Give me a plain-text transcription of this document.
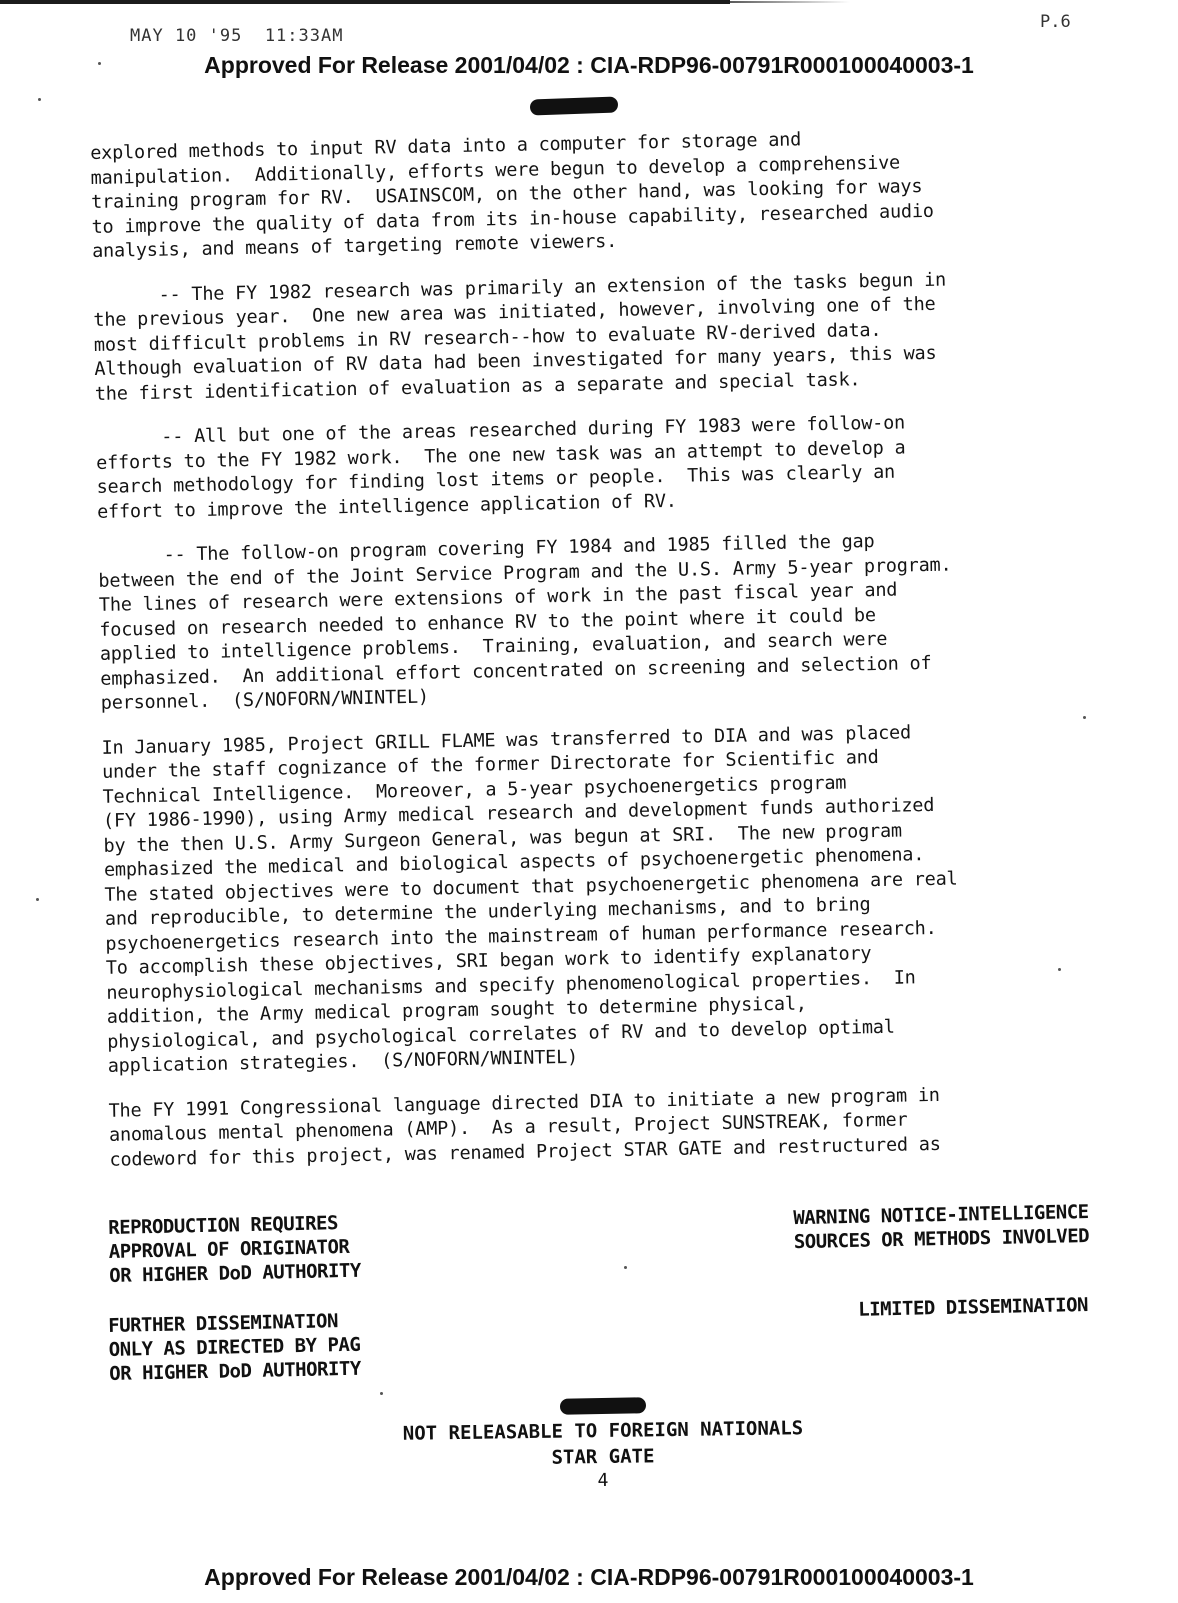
MAY 10 '95  11:33AM
P.6
Approved For Release 2001/04/02 : CIA-RDP96-00791R000100040003-1

explored methods to input RV data into a computer for storage and
manipulation.  Additionally, efforts were begun to develop a comprehensive
training program for RV.  USAINSCOM, on the other hand, was looking for ways
to improve the quality of data from its in-house capability, researched audio
analysis, and means of targeting remote viewers.

-- The FY 1982 research was primarily an extension of the tasks begun in
the previous year.  One new area was initiated, however, involving one of the
most difficult problems in RV research--how to evaluate RV-derived data.
Although evaluation of RV data had been investigated for many years, this was
the first identification of evaluation as a separate and special task.

-- All but one of the areas researched during FY 1983 were follow-on
efforts to the FY 1982 work.  The one new task was an attempt to develop a
search methodology for finding lost items or people.  This was clearly an
effort to improve the intelligence application of RV.

-- The follow-on program covering FY 1984 and 1985 filled the gap
between the end of the Joint Service Program and the U.S. Army 5-year program.
The lines of research were extensions of work in the past fiscal year and
focused on research needed to enhance RV to the point where it could be
applied to intelligence problems.  Training, evaluation, and search were
emphasized.  An additional effort concentrated on screening and selection of
personnel.  (S/NOFORN/WNINTEL)

In January 1985, Project GRILL FLAME was transferred to DIA and was placed
under the staff cognizance of the former Directorate for Scientific and
Technical Intelligence.  Moreover, a 5-year psychoenergetics program
(FY 1986-1990), using Army medical research and development funds authorized
by the then U.S. Army Surgeon General, was begun at SRI.  The new program
emphasized the medical and biological aspects of psychoenergetic phenomena.
The stated objectives were to document that psychoenergetic phenomena are real
and reproducible, to determine the underlying mechanisms, and to bring
psychoenergetics research into the mainstream of human performance research.
To accomplish these objectives, SRI began work to identify explanatory
neurophysiological mechanisms and specify phenomenological properties.  In
addition, the Army medical program sought to determine physical,
physiological, and psychological correlates of RV and to develop optimal
application strategies.  (S/NOFORN/WNINTEL)

The FY 1991 Congressional language directed DIA to initiate a new program in
anomalous mental phenomena (AMP).  As a result, Project SUNSTREAK, former
codeword for this project, was renamed Project STAR GATE and restructured as

REPRODUCTION REQUIRES
APPROVAL OF ORIGINATOR
OR HIGHER DoD AUTHORITY
FURTHER DISSEMINATION
ONLY AS DIRECTED BY PAG
OR HIGHER DoD AUTHORITY
WARNING NOTICE-INTELLIGENCE
SOURCES OR METHODS INVOLVED
LIMITED DISSEMINATION
NOT RELEASABLE TO FOREIGN NATIONALS
STAR GATE
4
Approved For Release 2001/04/02 : CIA-RDP96-00791R000100040003-1
